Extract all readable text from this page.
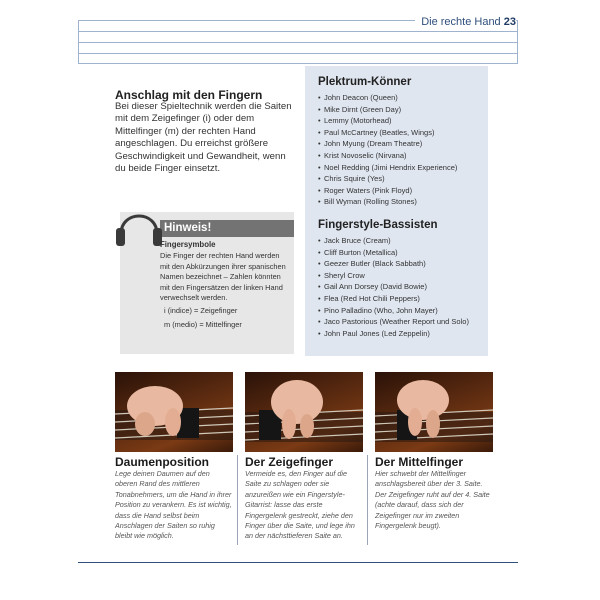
Die rechte Hand 23
Anschlag mit den Fingern
Bei dieser Spieltechnik werden die Saiten mit dem Zeigefinger (i) oder dem Mittelfinger (m) der rechten Hand angeschlagen. Du erreichst größere Geschwindigkeit und Gewandheit, wenn du beide Finger einsetzt.
Hinweis!
Fingersymbole
Die Finger der rechten Hand werden mit den Abkürzungen ihrer spanischen Namen bezeichnet – Zahlen könnten mit den Fingersätzen der linken Hand verwechselt werden.
i (indice) = Zeigefinger
m (medio) = Mittelfinger
Plektrum-Könner
• John Deacon (Queen)
• Mike Dirnt (Green Day)
• Lemmy (Motorhead)
• Paul McCartney (Beatles, Wings)
• John Myung (Dream Theatre)
• Krist Novoselic (Nirvana)
• Noel Redding (Jimi Hendrix Experience)
• Chris Squire (Yes)
• Roger Waters (Pink Floyd)
• Bill Wyman (Rolling Stones)
Fingerstyle-Bassisten
• Jack Bruce (Cream)
• Cliff Burton (Metallica)
• Geezer Butler (Black Sabbath)
• Sheryl Crow
• Gail Ann Dorsey (David Bowie)
• Flea (Red Hot Chili Peppers)
• Pino Palladino (Who, John Mayer)
• Jaco Pastorious (Weather Report und Solo)
• John Paul Jones (Led Zeppelin)
Daumenposition
Lege deinen Daumen auf den oberen Rand des mittleren Tonabnehmers, um die Hand in ihrer Position zu verankern. Es ist wichtig, dass die Hand selbst beim Anschlagen der Saiten so ruhig bleibt wie möglich.
Der Zeigefinger
Vermeide es, den Finger auf die Saite zu schlagen oder sie anzureißen wie ein Fingerstyle-Gitarrist: lasse das erste Fingergelenk gestreckt, ziehe den Finger über die Saite, und lege ihn an der nächsttieferen Saite an.
Der Mittelfinger
Hier schwebt der Mittelfinger anschlagsbereit über der 3. Saite. Der Zeigefinger ruht auf der 4. Saite (achte darauf, dass sich der Zeigefinger nur im zweiten Fingergelenk beugt).
